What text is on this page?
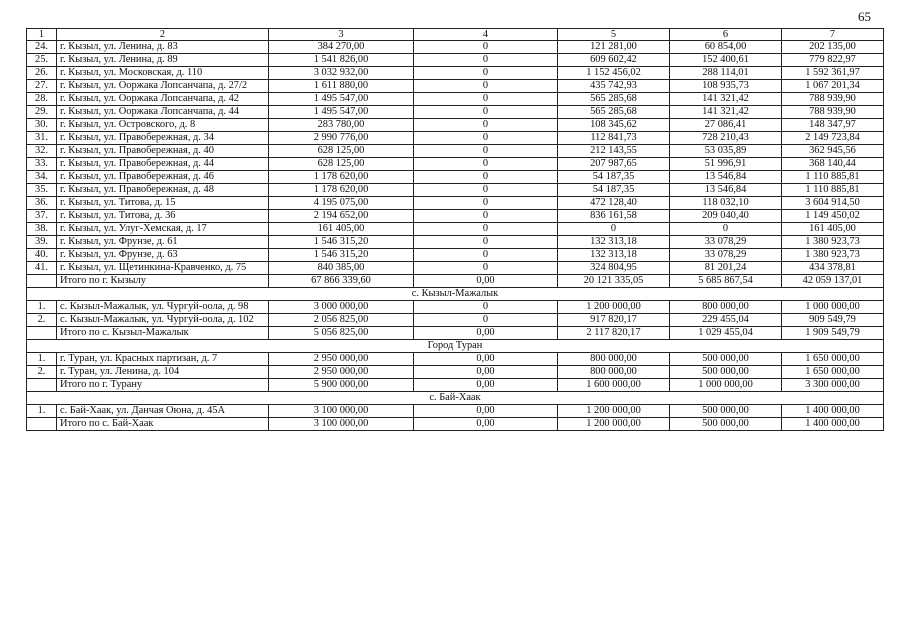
65
1	2	3	4	5	6	7
24.	г. Кызыл, ул. Ленина, д. 83	384 270,00	0	121 281,00	60 854,00	202 135,00
25.	г. Кызыл, ул. Ленина, д. 89	1 541 826,00	0	609 602,42	152 400,61	779 822,97
26.	г. Кызыл, ул. Московская, д. 110	3 032 932,00	0	1 152 456,02	288 114,01	1 592 361,97
27.	г. Кызыл, ул. Ооржака Лопсанчапа, д. 27/2	1 611 880,00	0	435 742,93	108 935,73	1 067 201,34
28.	г. Кызыл, ул. Ооржака Лопсанчапа, д. 42	1 495 547,00	0	565 285,68	141 321,42	788 939,90
29.	г. Кызыл, ул. Ооржака Лопсанчапа, д. 44	1 495 547,00	0	565 285,68	141 321,42	788 939,90
30.	г. Кызыл, ул. Островского, д. 8	283 780,00	0	108 345,62	27 086,41	148 347,97
31.	г. Кызыл, ул. Правобережная, д. 34	2 990 776,00	0	112 841,73	728 210,43	2 149 723,84
32.	г. Кызыл, ул. Правобережная, д. 40	628 125,00	0	212 143,55	53 035,89	362 945,56
33.	г. Кызыл, ул. Правобережная, д. 44	628 125,00	0	207 987,65	51 996,91	368 140,44
34.	г. Кызыл, ул. Правобережная, д. 46	1 178 620,00	0	54 187,35	13 546,84	1 110 885,81
35.	г. Кызыл, ул. Правобережная, д. 48	1 178 620,00	0	54 187,35	13 546,84	1 110 885,81
36.	г. Кызыл, ул. Титова, д. 15	4 195 075,00	0	472 128,40	118 032,10	3 604 914,50
37.	г. Кызыл, ул. Титова, д. 36	2 194 652,00	0	836 161,58	209 040,40	1 149 450,02
38.	г. Кызыл, ул. Улуг-Хемская, д. 17	161 405,00	0	0	0	161 405,00
39.	г. Кызыл, ул. Фрунзе, д. 61	1 546 315,20	0	132 313,18	33 078,29	1 380 923,73
40.	г. Кызыл, ул. Фрунзе, д. 63	1 546 315,20	0	132 313,18	33 078,29	1 380 923,73
41.	г. Кызыл, ул. Щетинкина-Кравченко, д. 75	840 385,00	0	324 804,95	81 201,24	434 378,81
	Итого по г. Кызылу	67 866 339,60	0,00	20 121 335,05	5 685 867,54	42 059 137,01
с. Кызыл-Мажалык						
1.	с. Кызыл-Мажалык, ул. Чургуй-оола, д. 98	3 000 000,00	0	1 200 000,00	800 000,00	1 000 000,00
2.	с. Кызыл-Мажалык, ул. Чургуй-оола, д. 102	2 056 825,00	0	917 820,17	229 455,04	909 549,79
	Итого по с. Кызыл-Мажалык	5 056 825,00	0,00	2 117 820,17	1 029 455,04	1 909 549,79
Город Туран						
1.	г. Туран, ул. Красных партизан, д. 7	2 950 000,00	0,00	800 000,00	500 000,00	1 650 000,00
2.	г. Туран, ул. Ленина, д. 104	2 950 000,00	0,00	800 000,00	500 000,00	1 650 000,00
	Итого по г. Турану	5 900 000,00	0,00	1 600 000,00	1 000 000,00	3 300 000,00
с. Бай-Хаак						
1.	с. Бай-Хаак, ул. Данчая Оюна, д. 45А	3 100 000,00	0,00	1 200 000,00	500 000,00	1 400 000,00
	Итого по с. Бай-Хаак	3 100 000,00	0,00	1 200 000,00	500 000,00	1 400 000,00
